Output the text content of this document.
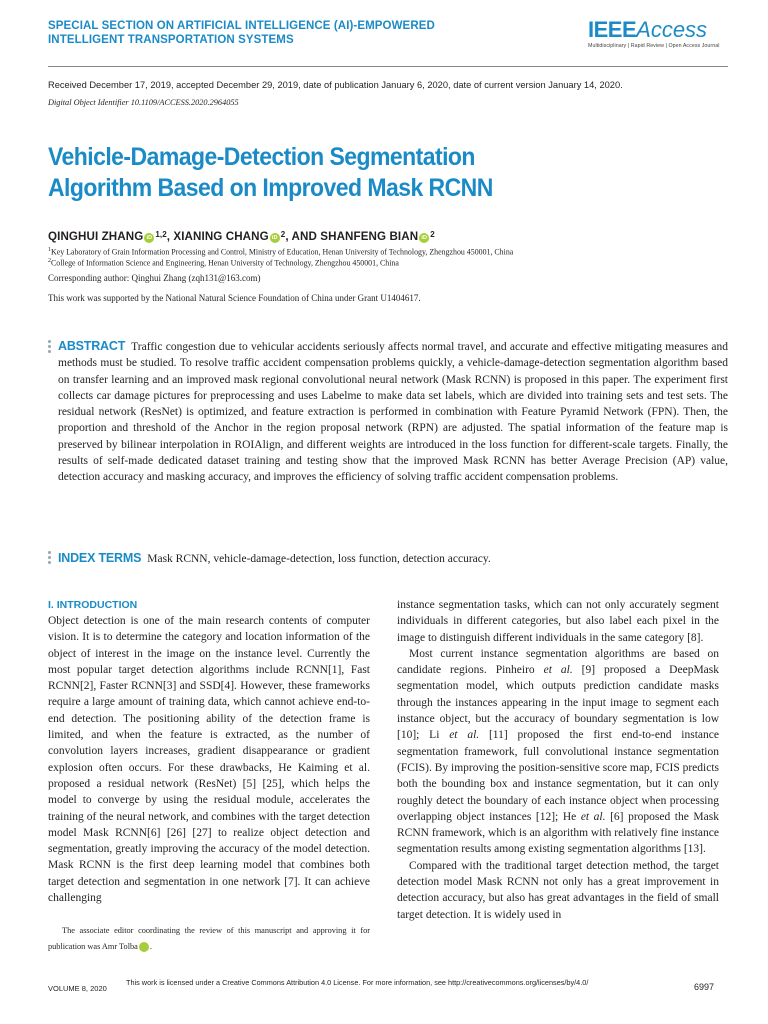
SPECIAL SECTION ON ARTIFICIAL INTELLIGENCE (AI)-EMPOWERED
INTELLIGENT TRANSPORTATION SYSTEMS	IEEEAccess
Multidisciplinary | Rapid Review | Open Access Journal
Received December 17, 2019, accepted December 29, 2019, date of publication January 6, 2020, date of current version January 14, 2020.
Digital Object Identifier 10.1109/ACCESS.2020.2964055
Vehicle-Damage-Detection Segmentation
Algorithm Based on Improved Mask RCNN
QINGHUI ZHANG iD $^{1,2}$, XIANING CHANG iD $^2$, AND SHANFENG BIAN iD $^2$
$^1$Key Laboratory of Grain Information Processing and Control, Ministry of Education, Henan University of Technology, Zhengzhou 450001, China
$^2$College of Information Science and Engineering, Henan University of Technology, Zhengzhou 450001, China
Corresponding author: Qinghui Zhang (zqh131@163.com)
This work was supported by the National Natural Science Foundation of China under Grant U1404617.
ABSTRACT Traffic congestion due to vehicular accidents seriously affects normal travel, and accurate and effective mitigating measures and methods must be studied. To resolve traffic accident compensation problems quickly, a vehicle-damage-detection segmentation algorithm based on transfer learning and an improved mask regional convolutional neural network (Mask RCNN) is proposed in this paper. The experiment first collects car damage pictures for preprocessing and uses Labelme to make data set labels, which are divided into training sets and test sets. The residual network (ResNet) is optimized, and feature extraction is performed in combination with Feature Pyramid Network (FPN). Then, the proportion and threshold of the Anchor in the region proposal network (RPN) are adjusted. The spatial information of the feature map is preserved by bilinear interpolation in ROIAlign, and different weights are introduced in the loss function for different-scale targets. Finally, the results of self-made dedicated dataset training and testing show that the improved Mask RCNN has better Average Precision (AP) value, detection accuracy and masking accuracy, and improves the efficiency of solving traffic accident compensation problems.
INDEX TERMS Mask RCNN, vehicle-damage-detection, loss function, detection accuracy.
I. INTRODUCTION

Object detection is one of the main research contents of computer vision. It is to determine the category and location information of the object of interest in the image on the instance level. Currently the most popular target detection algorithms include RCNN[1], Fast RCNN[2], Faster RCNN[3] and SSD[4]. However, these frameworks require a large amount of training data, which cannot achieve end-to-end detection. The positioning ability of the detection frame is limited, and when the feature is extracted, as the number of convolution layers increases, gradient disappearance or gradient explosion often occurs. For these drawbacks, He Kaiming et al. proposed a residual network (ResNet) [5] [25], which helps the model to converge by using the residual module, accelerates the training of the neural network, and combines with the target detection model Mask RCNN[6] [26] [27] to realize object detection and segmentation, greatly improving the accuracy of the model detection. Mask RCNN is the first deep learning model that combines both target detection and segmentation in one network [7]. It can achieve challenging

The associate editor coordinating the review of this manuscript and approving it for publication was Amr Tolba	iD.

instance segmentation tasks, which can not only accurately segment individuals in different categories, but also label each pixel in the image to distinguish different individuals in the same category [8].

Most current instance segmentation algorithms are based on candidate regions. Pinheiro et al. [9] proposed a DeepMask segmentation model, which outputs prediction candidate masks through the instances appearing in the input image to segment each instance object, but the accuracy of boundary segmentation is low [10]; Li et al. [11] proposed the first end-to-end instance segmentation framework, full convolutional instance segmentation (FCIS). By improving the position-sensitive score map, FCIS predicts both the bounding box and instance segmentation, but it can only roughly detect the boundary of each instance object when processing overlapping object instances [12]; He et al. [6] proposed the Mask RCNN framework, which is an algorithm with relatively fine instance segmentation results among existing segmentation algorithms [13].

Compared with the traditional target detection method, the target detection model Mask RCNN not only has a great improvement in detection accuracy, but also has great advantages in the field of small target detection. It is widely used in

VOLUME 8, 2020
This work is licensed under a Creative Commons Attribution 4.0 License. For more information, see http://creativecommons.org/licenses/by/4.0/	6997
